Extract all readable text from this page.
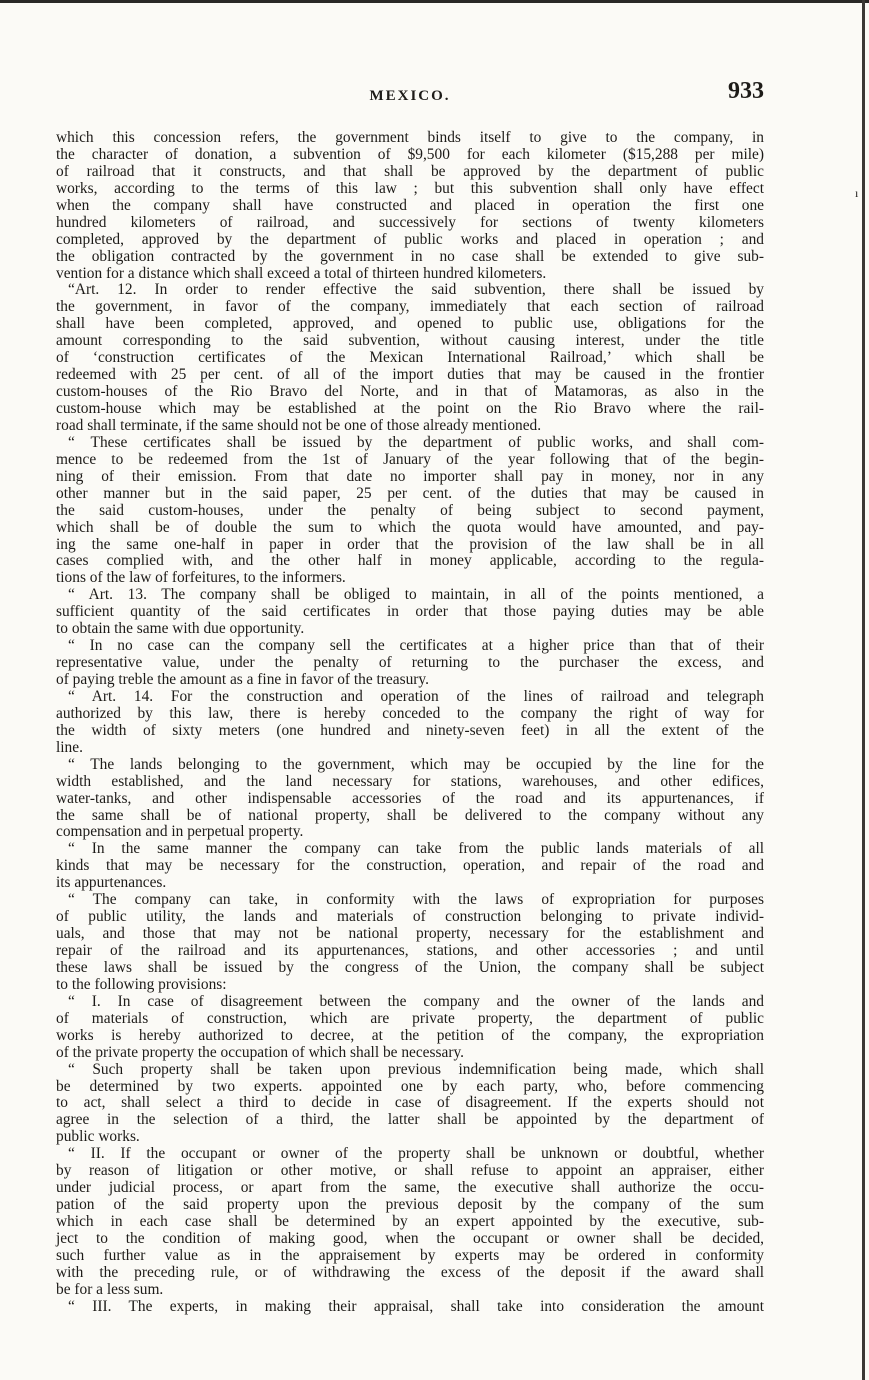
MEXICO.	933
ı
which this concession refers, the government binds itself to give to the company, in
the character of donation, a subvention of $9,500 for each kilometer ($15,288 per mile)
of railroad that it constructs, and that shall be approved by the department of public
works, according to the terms of this law ; but this subvention shall only have effect
when the company shall have constructed and placed in operation the first one
hundred kilometers of railroad, and successively for sections of twenty kilometers
completed, approved by the department of public works and placed in operation ; and
the obligation contracted by the government in no case shall be extended to give sub-
vention for a distance which shall exceed a total of thirteen hundred kilometers.
“Art. 12. In order to render effective the said subvention, there shall be issued by
the government, in favor of the company, immediately that each section of railroad
shall have been completed, approved, and opened to public use, obligations for the
amount corresponding to the said subvention, without causing interest, under the title
of ‘construction certificates of the Mexican International Railroad,’ which shall be
redeemed with 25 per cent. of all of the import duties that may be caused in the frontier
custom-houses of the Rio Bravo del Norte, and in that of Matamoras, as also in the
custom-house which may be established at the point on the Rio Bravo where the rail-
road shall terminate, if the same should not be one of those already mentioned.
“ These certificates shall be issued by the department of public works, and shall com-
mence to be redeemed from the 1st of January of the year following that of the begin-
ning of their emission. From that date no importer shall pay in money, nor in any
other manner but in the said paper, 25 per cent. of the duties that may be caused in
the said custom-houses, under the penalty of being subject to second payment,
which shall be of double the sum to which the quota would have amounted, and pay-
ing the same one-half in paper in order that the provision of the law shall be in all
cases complied with, and the other half in money applicable, according to the regula-
tions of the law of forfeitures, to the informers.
“ Art. 13. The company shall be obliged to maintain, in all of the points mentioned, a
sufficient quantity of the said certificates in order that those paying duties may be able
to obtain the same with due opportunity.
“ In no case can the company sell the certificates at a higher price than that of their
representative value, under the penalty of returning to the purchaser the excess, and
of paying treble the amount as a fine in favor of the treasury.
“ Art. 14. For the construction and operation of the lines of railroad and telegraph
authorized by this law, there is hereby conceded to the company the right of way for
the width of sixty meters (one hundred and ninety-seven feet) in all the extent of the
line.
“ The lands belonging to the government, which may be occupied by the line for the
width established, and the land necessary for stations, warehouses, and other edifices,
water-tanks, and other indispensable accessories of the road and its appurtenances, if
the same shall be of national property, shall be delivered to the company without any
compensation and in perpetual property.
“ In the same manner the company can take from the public lands materials of all
kinds that may be necessary for the construction, operation, and repair of the road and
its appurtenances.
“ The company can take, in conformity with the laws of expropriation for purposes
of public utility, the lands and materials of construction belonging to private individ-
uals, and those that may not be national property, necessary for the establishment and
repair of the railroad and its appurtenances, stations, and other accessories ; and until
these laws shall be issued by the congress of the Union, the company shall be subject
to the following provisions:
“ I. In case of disagreement between the company and the owner of the lands and
of materials of construction, which are private property, the department of public
works is hereby authorized to decree, at the petition of the company, the expropriation
of the private property the occupation of which shall be necessary.
“ Such property shall be taken upon previous indemnification being made, which shall
be determined by two experts. appointed one by each party, who, before commencing
to act, shall select a third to decide in case of disagreement. If the experts should not
agree in the selection of a third, the latter shall be appointed by the department of
public works.
“ II. If the occupant or owner of the property shall be unknown or doubtful, whether
by reason of litigation or other motive, or shall refuse to appoint an appraiser, either
under judicial process, or apart from the same, the executive shall authorize the occu-
pation of the said property upon the previous deposit by the company of the sum
which in each case shall be determined by an expert appointed by the executive, sub-
ject to the condition of making good, when the occupant or owner shall be decided,
such further value as in the appraisement by experts may be ordered in conformity
with the preceding rule, or of withdrawing the excess of the deposit if the award shall
be for a less sum.
“ III. The experts, in making their appraisal, shall take into consideration the amount
